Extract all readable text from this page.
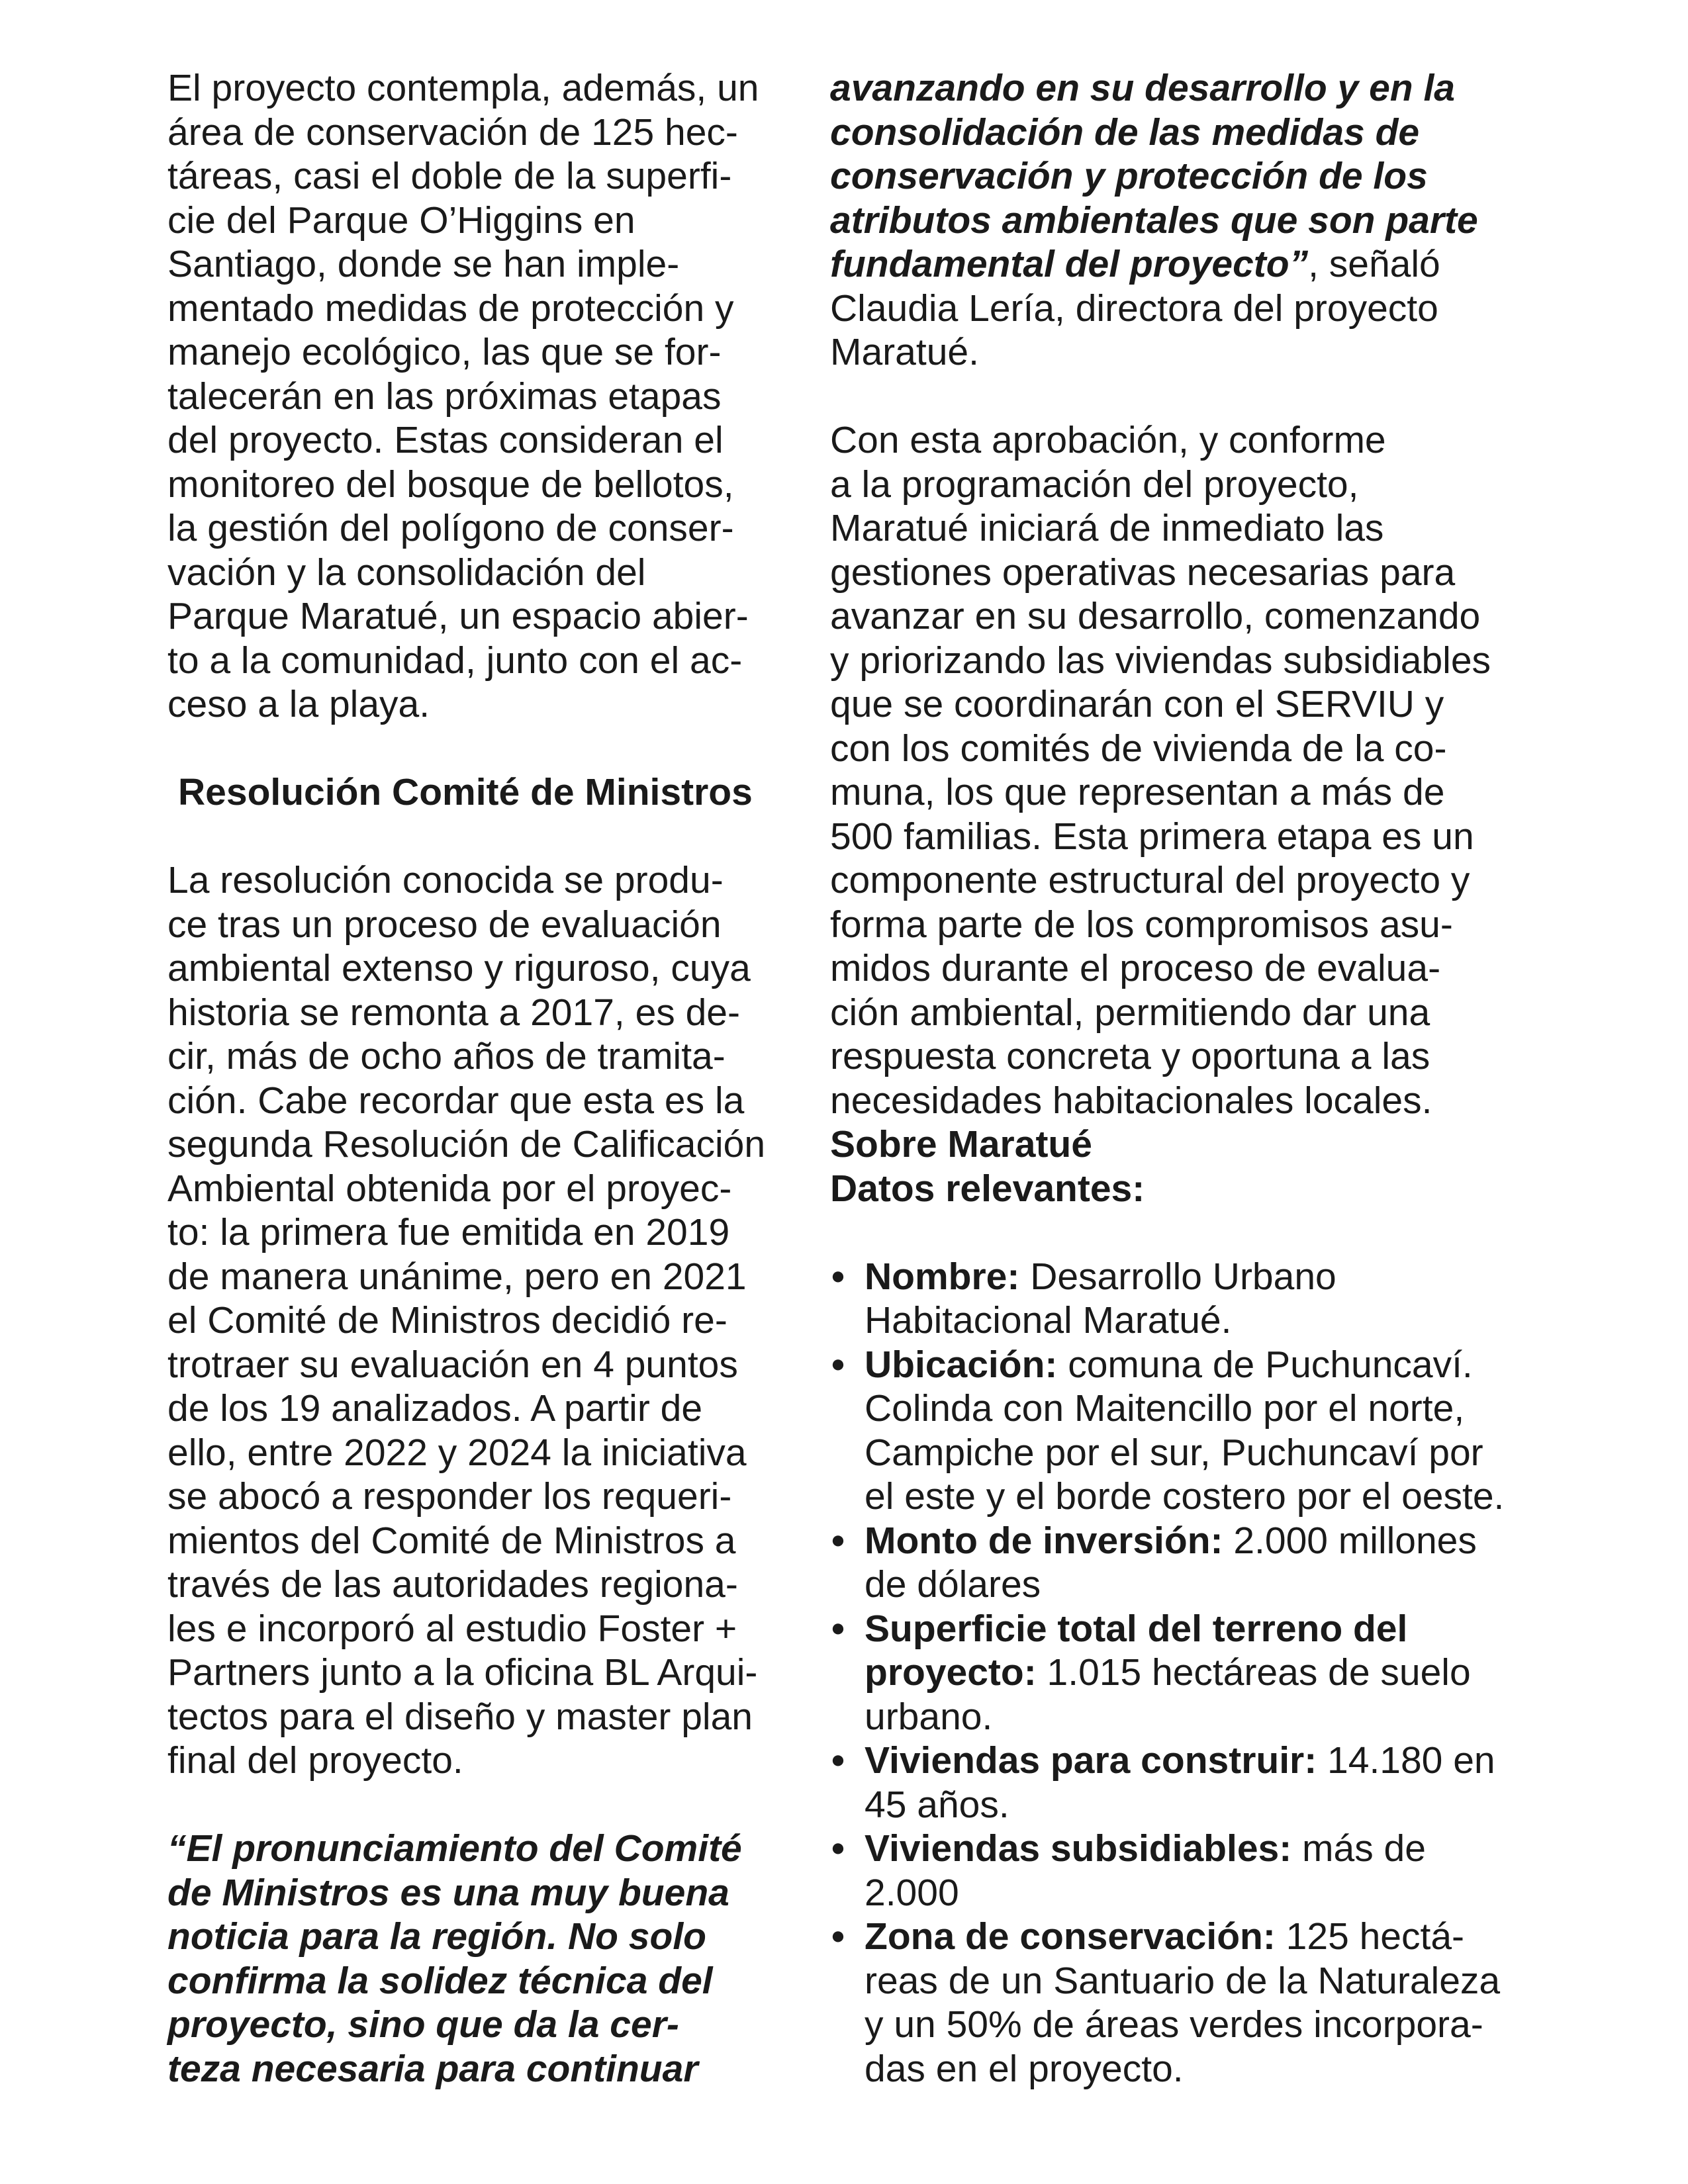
El proyecto contempla, además, un
área de conservación de 125 hec-
táreas, casi el doble de la superfi-
cie del Parque O’Higgins en
Santiago, donde se han imple-
mentado medidas de protección y
manejo ecológico, las que se for-
talecerán en las próximas etapas
del proyecto. Estas consideran el
monitoreo del bosque de bellotos,
la gestión del polígono de conser-
vación y la consolidación del
Parque Maratué, un espacio abier-
to a la comunidad, junto con el ac-
ceso a la playa.

Resolución Comité de Ministros

La resolución conocida se produ-
ce tras un proceso de evaluación
ambiental extenso y riguroso, cuya
historia se remonta a 2017, es de-
cir, más de ocho años de tramita-
ción. Cabe recordar que esta es la
segunda Resolución de Calificación
Ambiental obtenida por el proyec-
to: la primera fue emitida en 2019
de manera unánime, pero en 2021
el Comité de Ministros decidió re-
trotraer su evaluación en 4 puntos
de los 19 analizados. A partir de
ello, entre 2022 y 2024 la iniciativa
se abocó a responder los requeri-
mientos del Comité de Ministros a
través de las autoridades regiona-
les e incorporó al estudio Foster +
Partners junto a la oficina BL Arqui-
tectos para el diseño y master plan
final del proyecto.

“El pronunciamiento del Comité
de Ministros es una muy buena
noticia para la región. No solo
confirma la solidez técnica del
proyecto, sino que da la cer-
teza necesaria para continuar

avanzando en su desarrollo y en la
consolidación de las medidas de
conservación y protección de los
atributos ambientales que son parte
fundamental del proyecto”, señaló
Claudia Lería, directora del proyecto
Maratué.

Con esta aprobación, y conforme
a la programación del proyecto,
Maratué iniciará de inmediato las
gestiones operativas necesarias para
avanzar en su desarrollo, comenzando
y priorizando las viviendas subsidiables
que se coordinarán con el SERVIU y
con los comités de vivienda de la co-
muna, los que representan a más de
500 familias. Esta primera etapa es un
componente estructural del proyecto y
forma parte de los compromisos asu-
midos durante el proceso de evalua-
ción ambiental, permitiendo dar una
respuesta concreta y oportuna a las
necesidades habitacionales locales.

Sobre Maratué

Datos relevantes:

• Nombre: Desarrollo Urbano
Habitacional Maratué.
• Ubicación: comuna de Puchuncaví.
Colinda con Maitencillo por el norte,
Campiche por el sur, Puchuncaví por
el este y el borde costero por el oeste.
• Monto de inversión: 2.000 millones
de dólares
• Superficie total del terreno del
proyecto: 1.015 hectáreas de suelo
urbano.
• Viviendas para construir: 14.180 en
45 años.
• Viviendas subsidiables: más de
2.000
• Zona de conservación: 125 hectá-
reas de un Santuario de la Naturaleza
y un 50% de áreas verdes incorpora-
das en el proyecto.
